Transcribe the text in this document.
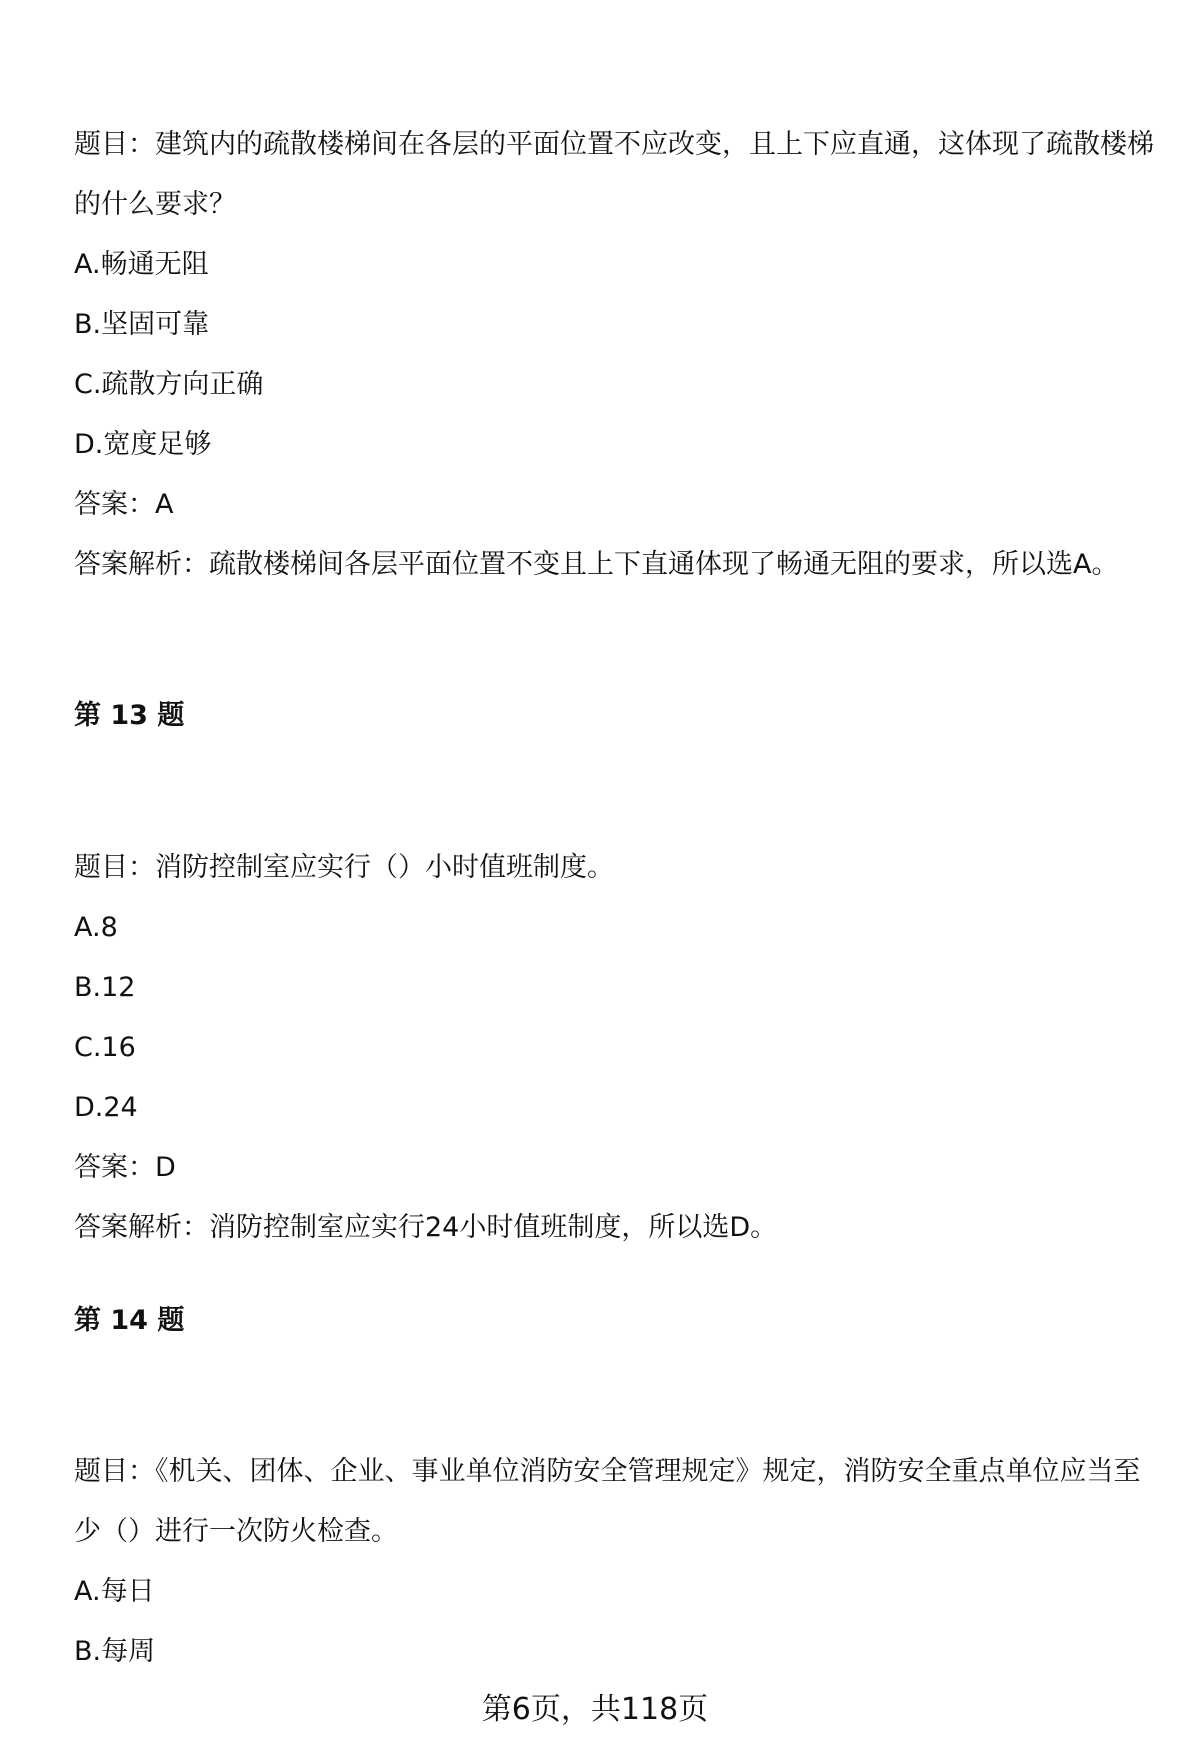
题目：建筑内的疏散楼梯间在各层的平面位置不应改变，且上下应直通，这体现了疏散楼梯的什么要求？

A.畅通无阻

B.坚固可靠

C.疏散方向正确

D.宽度足够

答案：A

答案解析：疏散楼梯间各层平面位置不变且上下直通体现了畅通无阻的要求，所以选A。

第 13 题

题目：消防控制室应实行（）小时值班制度。

A.8

B.12

C.16

D.24

答案：D

答案解析：消防控制室应实行24小时值班制度，所以选D。

第 14 题

题目：《机关、团体、企业、事业单位消防安全管理规定》规定，消防安全重点单位应当至少（）进行一次防火检查。

A.每日

B.每周

第6页，共118页
